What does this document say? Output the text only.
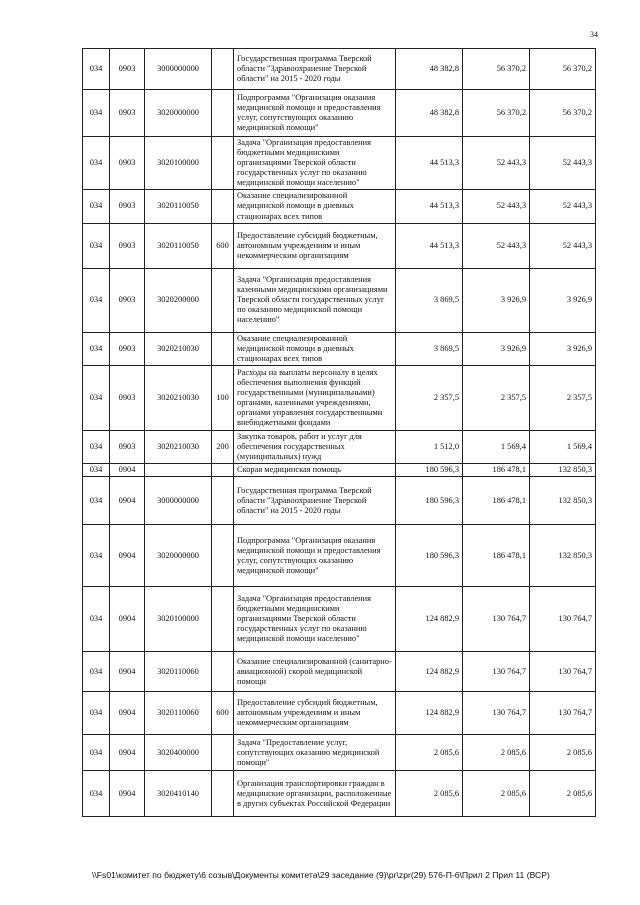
34
034	0903	3000000000		Государственная программа Тверской области "Здравоохранение Тверской области" на 2015 - 2020 годы	48 382,8	56 370,2	56 370,2
034	0903	3020000000		Подпрограмма "Организация оказания медицинской помощи и предоставления услуг, сопутствующих оказанию медицинской помощи"	48 382,8	56 370,2	56 370,2
034	0903	3020100000		Задача "Организация предоставления бюджетными медицинскими организациями Тверской области государственных услуг по оказанию медицинской помощи населению"	44 513,3	52 443,3	52 443,3
034	0903	3020110050		Оказание специализированной медицинской помощи в дневных стационарах всех типов	44 513,3	52 443,3	52 443,3
034	0903	3020110050	600	Предоставление субсидий бюджетным, автономным учреждениям и иным некоммерческим организациям	44 513,3	52 443,3	52 443,3
034	0903	3020200000		Задача "Организация предоставления казенными медицинскими организациями Тверской области государственных услуг по оказанию медицинской помощи населению"	3 869,5	3 926,9	3 926,9
034	0903	3020210030		Оказание специализированной медицинской помощи в дневных стационарах всех типов	3 869,5	3 926,9	3 926,9
034	0903	3020210030	100	Расходы на выплаты персоналу в целях обеспечения выполнения функций государственными (муниципальными) органами, казенными учреждениями, органами управления государственными внебюджетными фондами	2 357,5	2 357,5	2 357,5
034	0903	3020210030	200	Закупка товаров, работ и услуг для обеспечения государственных (муниципальных) нужд	1 512,0	1 569,4	1 569,4
034	0904			Скорая медицинская помощь	180 596,3	186 478,1	132 850,3
034	0904	3000000000		Государственная программа Тверской области "Здравоохранение Тверской области" на 2015 - 2020 годы	180 596,3	186 478,1	132 850,3
034	0904	3020000000		Подпрограмма "Организация оказания медицинской помощи и предоставления услуг, сопутствующих оказанию медицинской помощи"	180 596,3	186 478,1	132 850,3
034	0904	3020100000		Задача "Организация предоставления бюджетными медицинскими организациями Тверской области государственных услуг по оказанию медицинской помощи населению"	124 882,9	130 764,7	130 764,7
034	0904	3020110060		Оказание специализированной (санитарно-авиационной) скорой медицинской помощи	124 882,9	130 764,7	130 764,7
034	0904	3020110060	600	Предоставление субсидий бюджетным, автономным учреждениям и иным некоммерческим организациям	124 882,9	130 764,7	130 764,7
034	0904	3020400000		Задача "Предоставление услуг, сопутствующих оказанию медицинской помощи"	2 085,6	2 085,6	2 085,6
034	0904	3020410140		Организация транспортировки граждан в медицинские организации, расположенные в других субъектах Российской Федерации	2 085,6	2 085,6	2 085,6
\\Fs01\комитет по бюджету\6 созыв\Документы комитета\29 заседание (9)\pr\zpr(29) 576-П-6\Прил 2 Прил 11 (ВСР)
